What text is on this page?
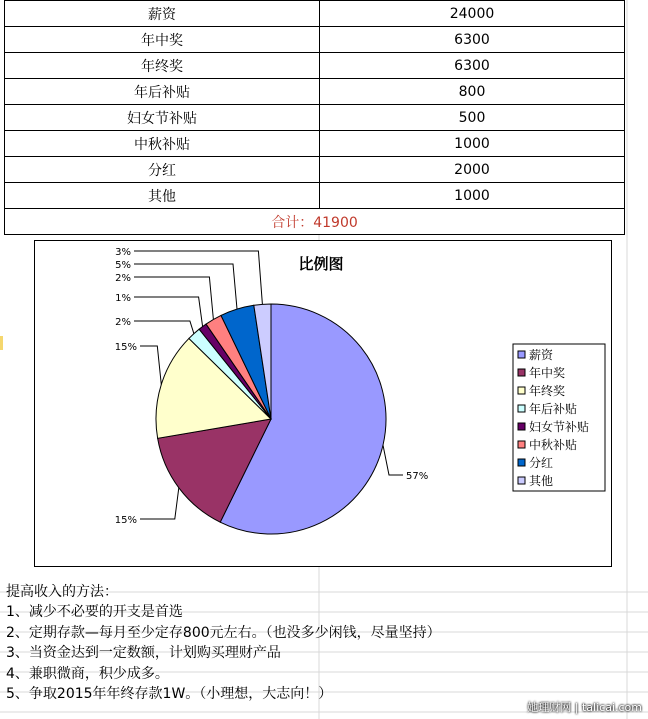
薪资	24000
年中奖	6300
年终奖	6300
年后补贴	800
妇女节补贴	500
中秋补贴	1000
分红	2000
其他	1000
合计：41900	
比例图
57%
15%
15%
2%
1%
2%
5%
3%
薪资
年中奖
年终奖
年后补贴
妇女节补贴
中秋补贴
分红
其他
提高收入的方法：
1、减少不必要的开支是首选
2、定期存款—每月至少定存800元左右。（也没多少闲钱，尽量坚持）
3、当资金达到一定数额，计划购买理财产品
4、兼职微商，积少成多。
5、争取2015年年终存款1W。（小理想，大志向！）
她理财网 | talicai.com
